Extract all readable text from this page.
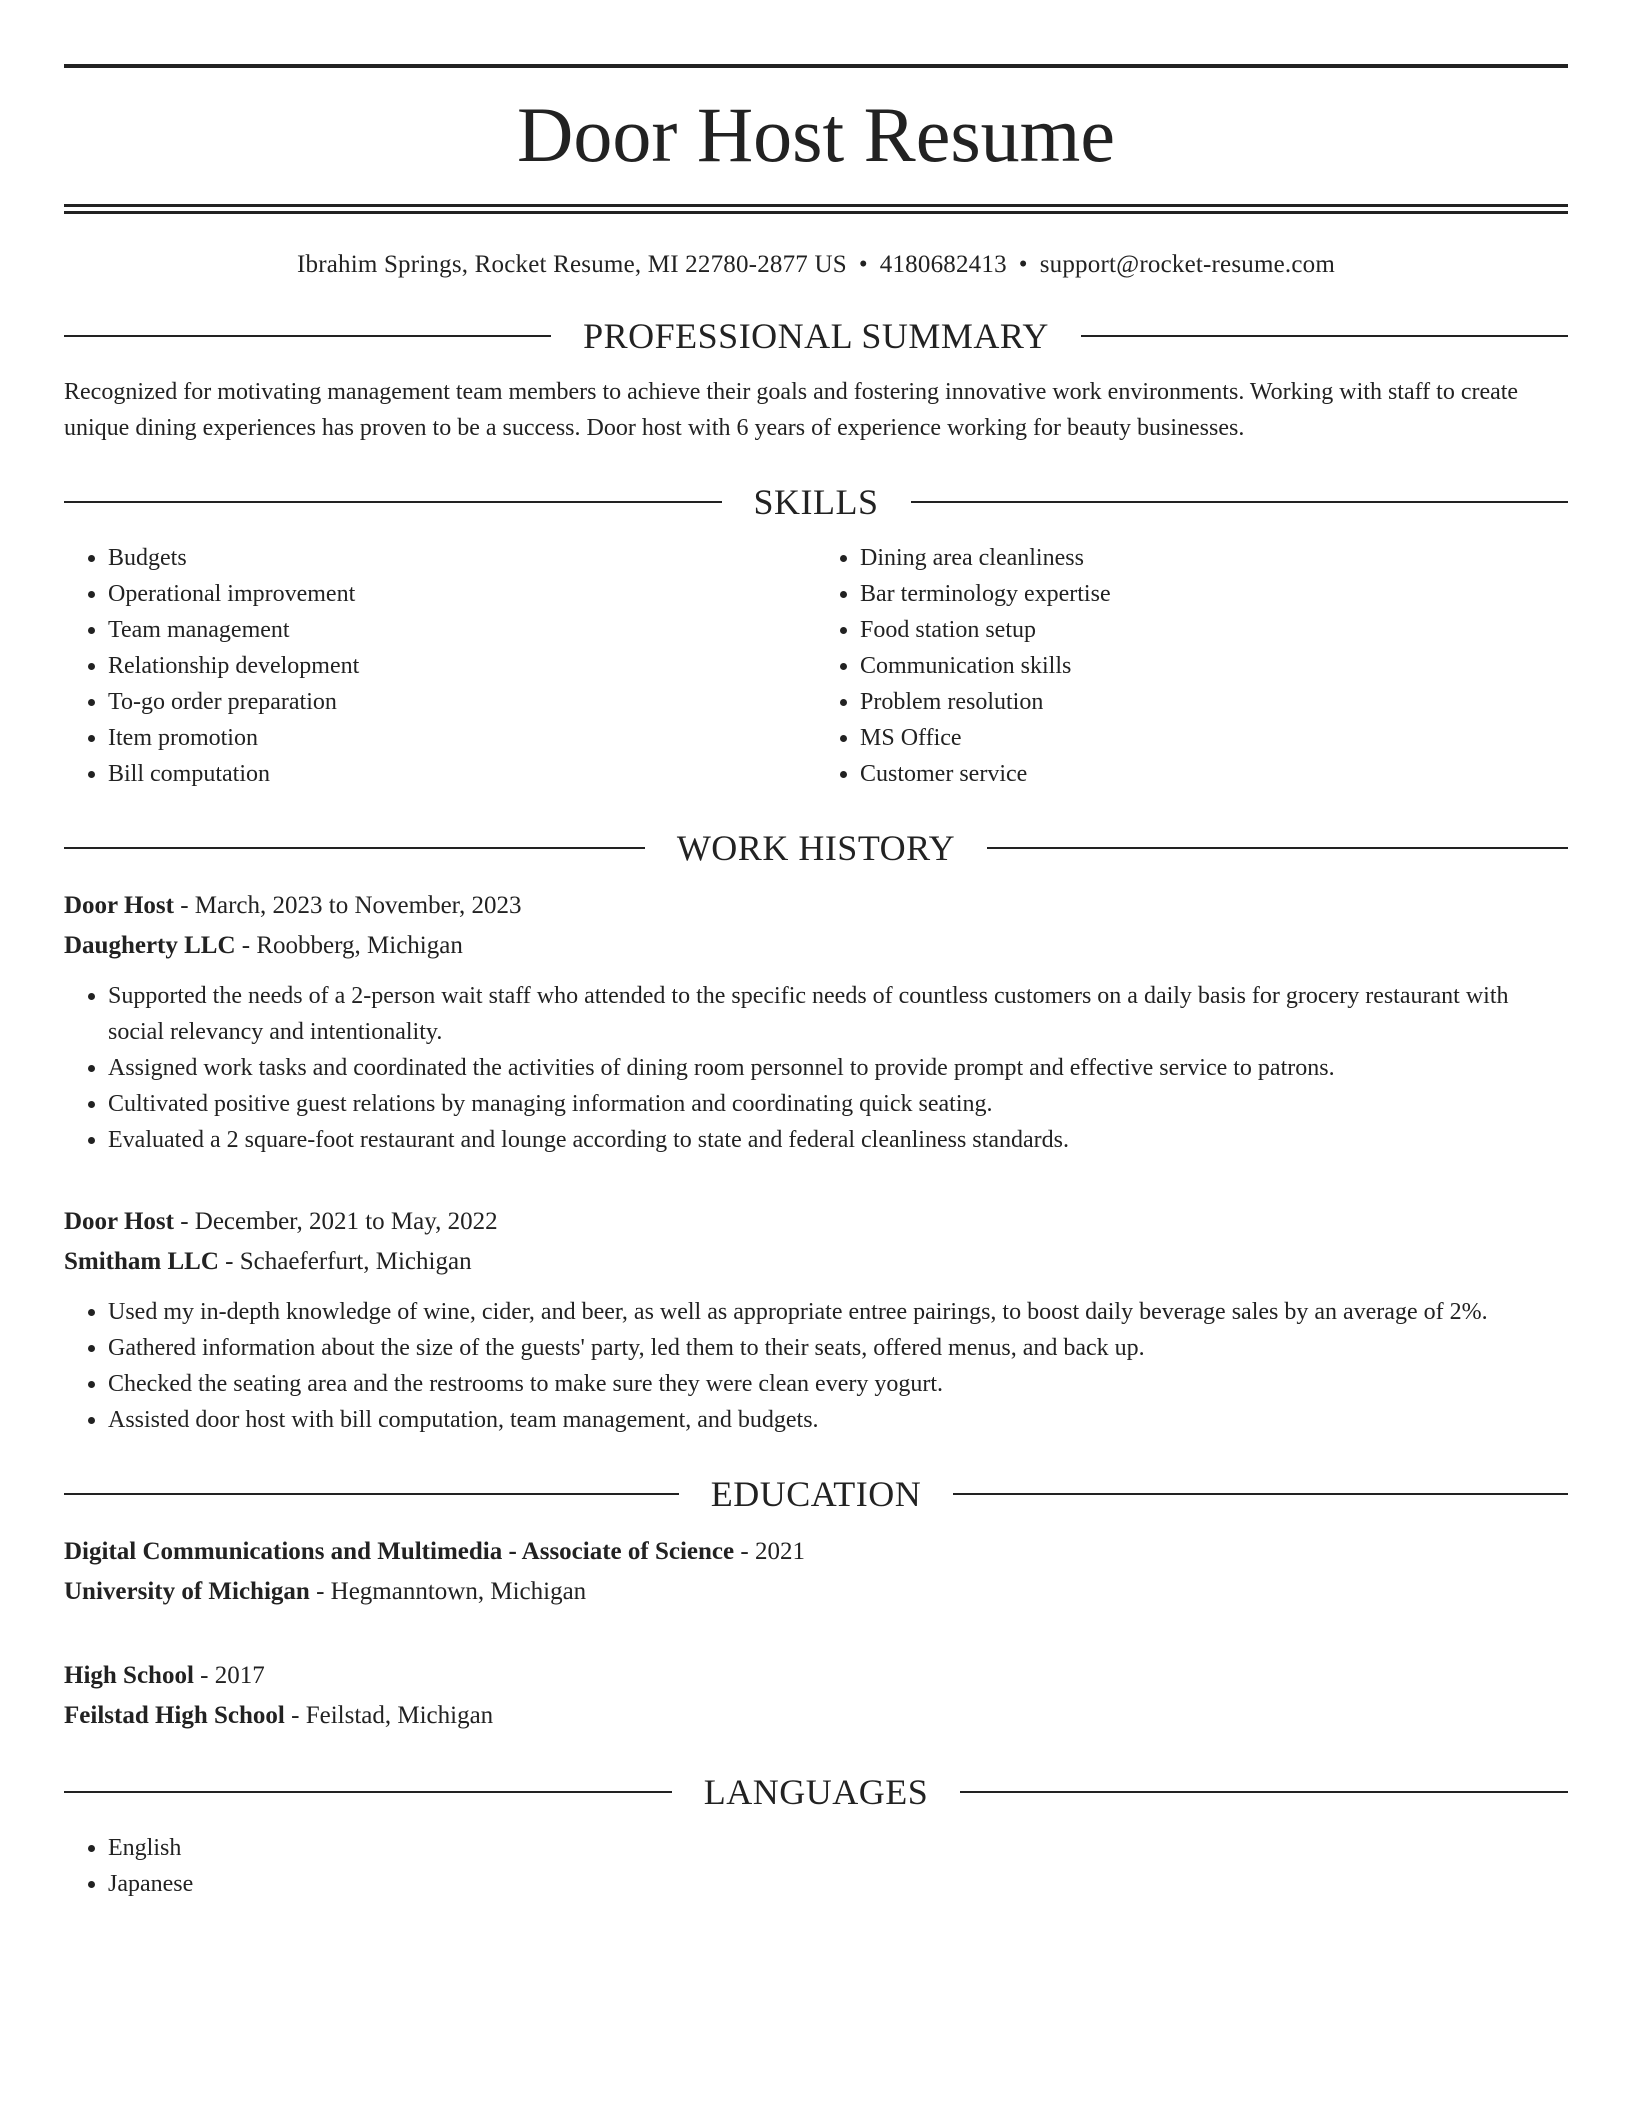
Door Host Resume
Ibrahim Springs, Rocket Resume, MI 22780-2877 US • 4180682413 • support@rocket-resume.com
PROFESSIONAL SUMMARY

Recognized for motivating management team members to achieve their goals and fostering innovative work environments. Working with staff to create unique dining experiences has proven to be a success. Door host with 6 years of experience working for beauty businesses.

SKILLS
• Budgets
• Operational improvement
• Team management
• Relationship development
• To-go order preparation
• Item promotion
• Bill computation
• Dining area cleanliness
• Bar terminology expertise
• Food station setup
• Communication skills
• Problem resolution
• MS Office
• Customer service
WORK HISTORY
Door Host - March, 2023 to November, 2023
Daugherty LLC - Roobberg, Michigan
• Supported the needs of a 2-person wait staff who attended to the specific needs of countless customers on a daily basis for grocery restaurant with social relevancy and intentionality.
• Assigned work tasks and coordinated the activities of dining room personnel to provide prompt and effective service to patrons.
• Cultivated positive guest relations by managing information and coordinating quick seating.
• Evaluated a 2 square-foot restaurant and lounge according to state and federal cleanliness standards.
Door Host - December, 2021 to May, 2022
Smitham LLC - Schaeferfurt, Michigan
• Used my in-depth knowledge of wine, cider, and beer, as well as appropriate entree pairings, to boost daily beverage sales by an average of 2%.
• Gathered information about the size of the guests' party, led them to their seats, offered menus, and back up.
• Checked the seating area and the restrooms to make sure they were clean every yogurt.
• Assisted door host with bill computation, team management, and budgets.
EDUCATION
Digital Communications and Multimedia - Associate of Science - 2021
University of Michigan - Hegmanntown, Michigan
High School - 2017
Feilstad High School - Feilstad, Michigan
LANGUAGES
• English
• Japanese
